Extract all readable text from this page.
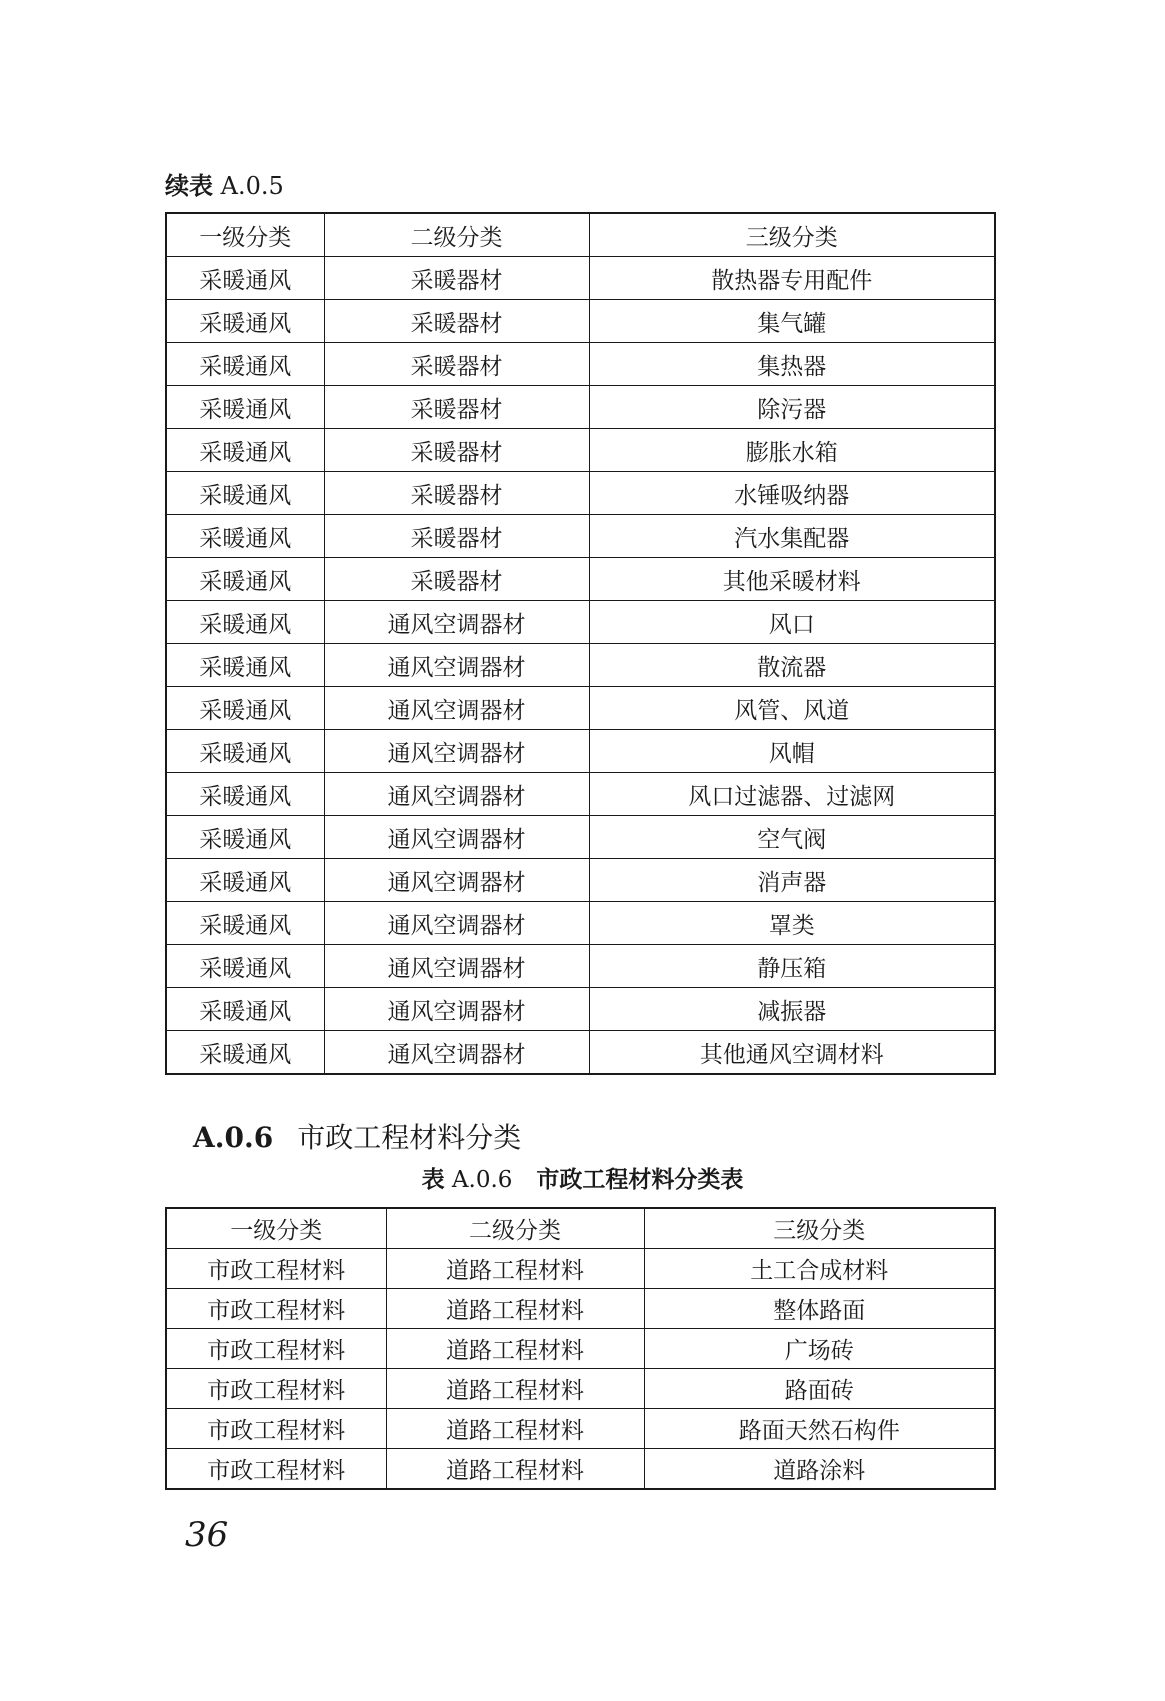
续表 A.0.5
一级分类	二级分类	三级分类
采暖通风	采暖器材	散热器专用配件
采暖通风	采暖器材	集气罐
采暖通风	采暖器材	集热器
采暖通风	采暖器材	除污器
采暖通风	采暖器材	膨胀水箱
采暖通风	采暖器材	水锤吸纳器
采暖通风	采暖器材	汽水集配器
采暖通风	采暖器材	其他采暖材料
采暖通风	通风空调器材	风口
采暖通风	通风空调器材	散流器
采暖通风	通风空调器材	风管、风道
采暖通风	通风空调器材	风帽
采暖通风	通风空调器材	风口过滤器、过滤网
采暖通风	通风空调器材	空气阀
采暖通风	通风空调器材	消声器
采暖通风	通风空调器材	罩类
采暖通风	通风空调器材	静压箱
采暖通风	通风空调器材	减振器
采暖通风	通风空调器材	其他通风空调材料
A.0.6 市政工程材料分类
表 A.0.6 市政工程材料分类表
一级分类	二级分类	三级分类
市政工程材料	道路工程材料	土工合成材料
市政工程材料	道路工程材料	整体路面
市政工程材料	道路工程材料	广场砖
市政工程材料	道路工程材料	路面砖
市政工程材料	道路工程材料	路面天然石构件
市政工程材料	道路工程材料	道路涂料
36
